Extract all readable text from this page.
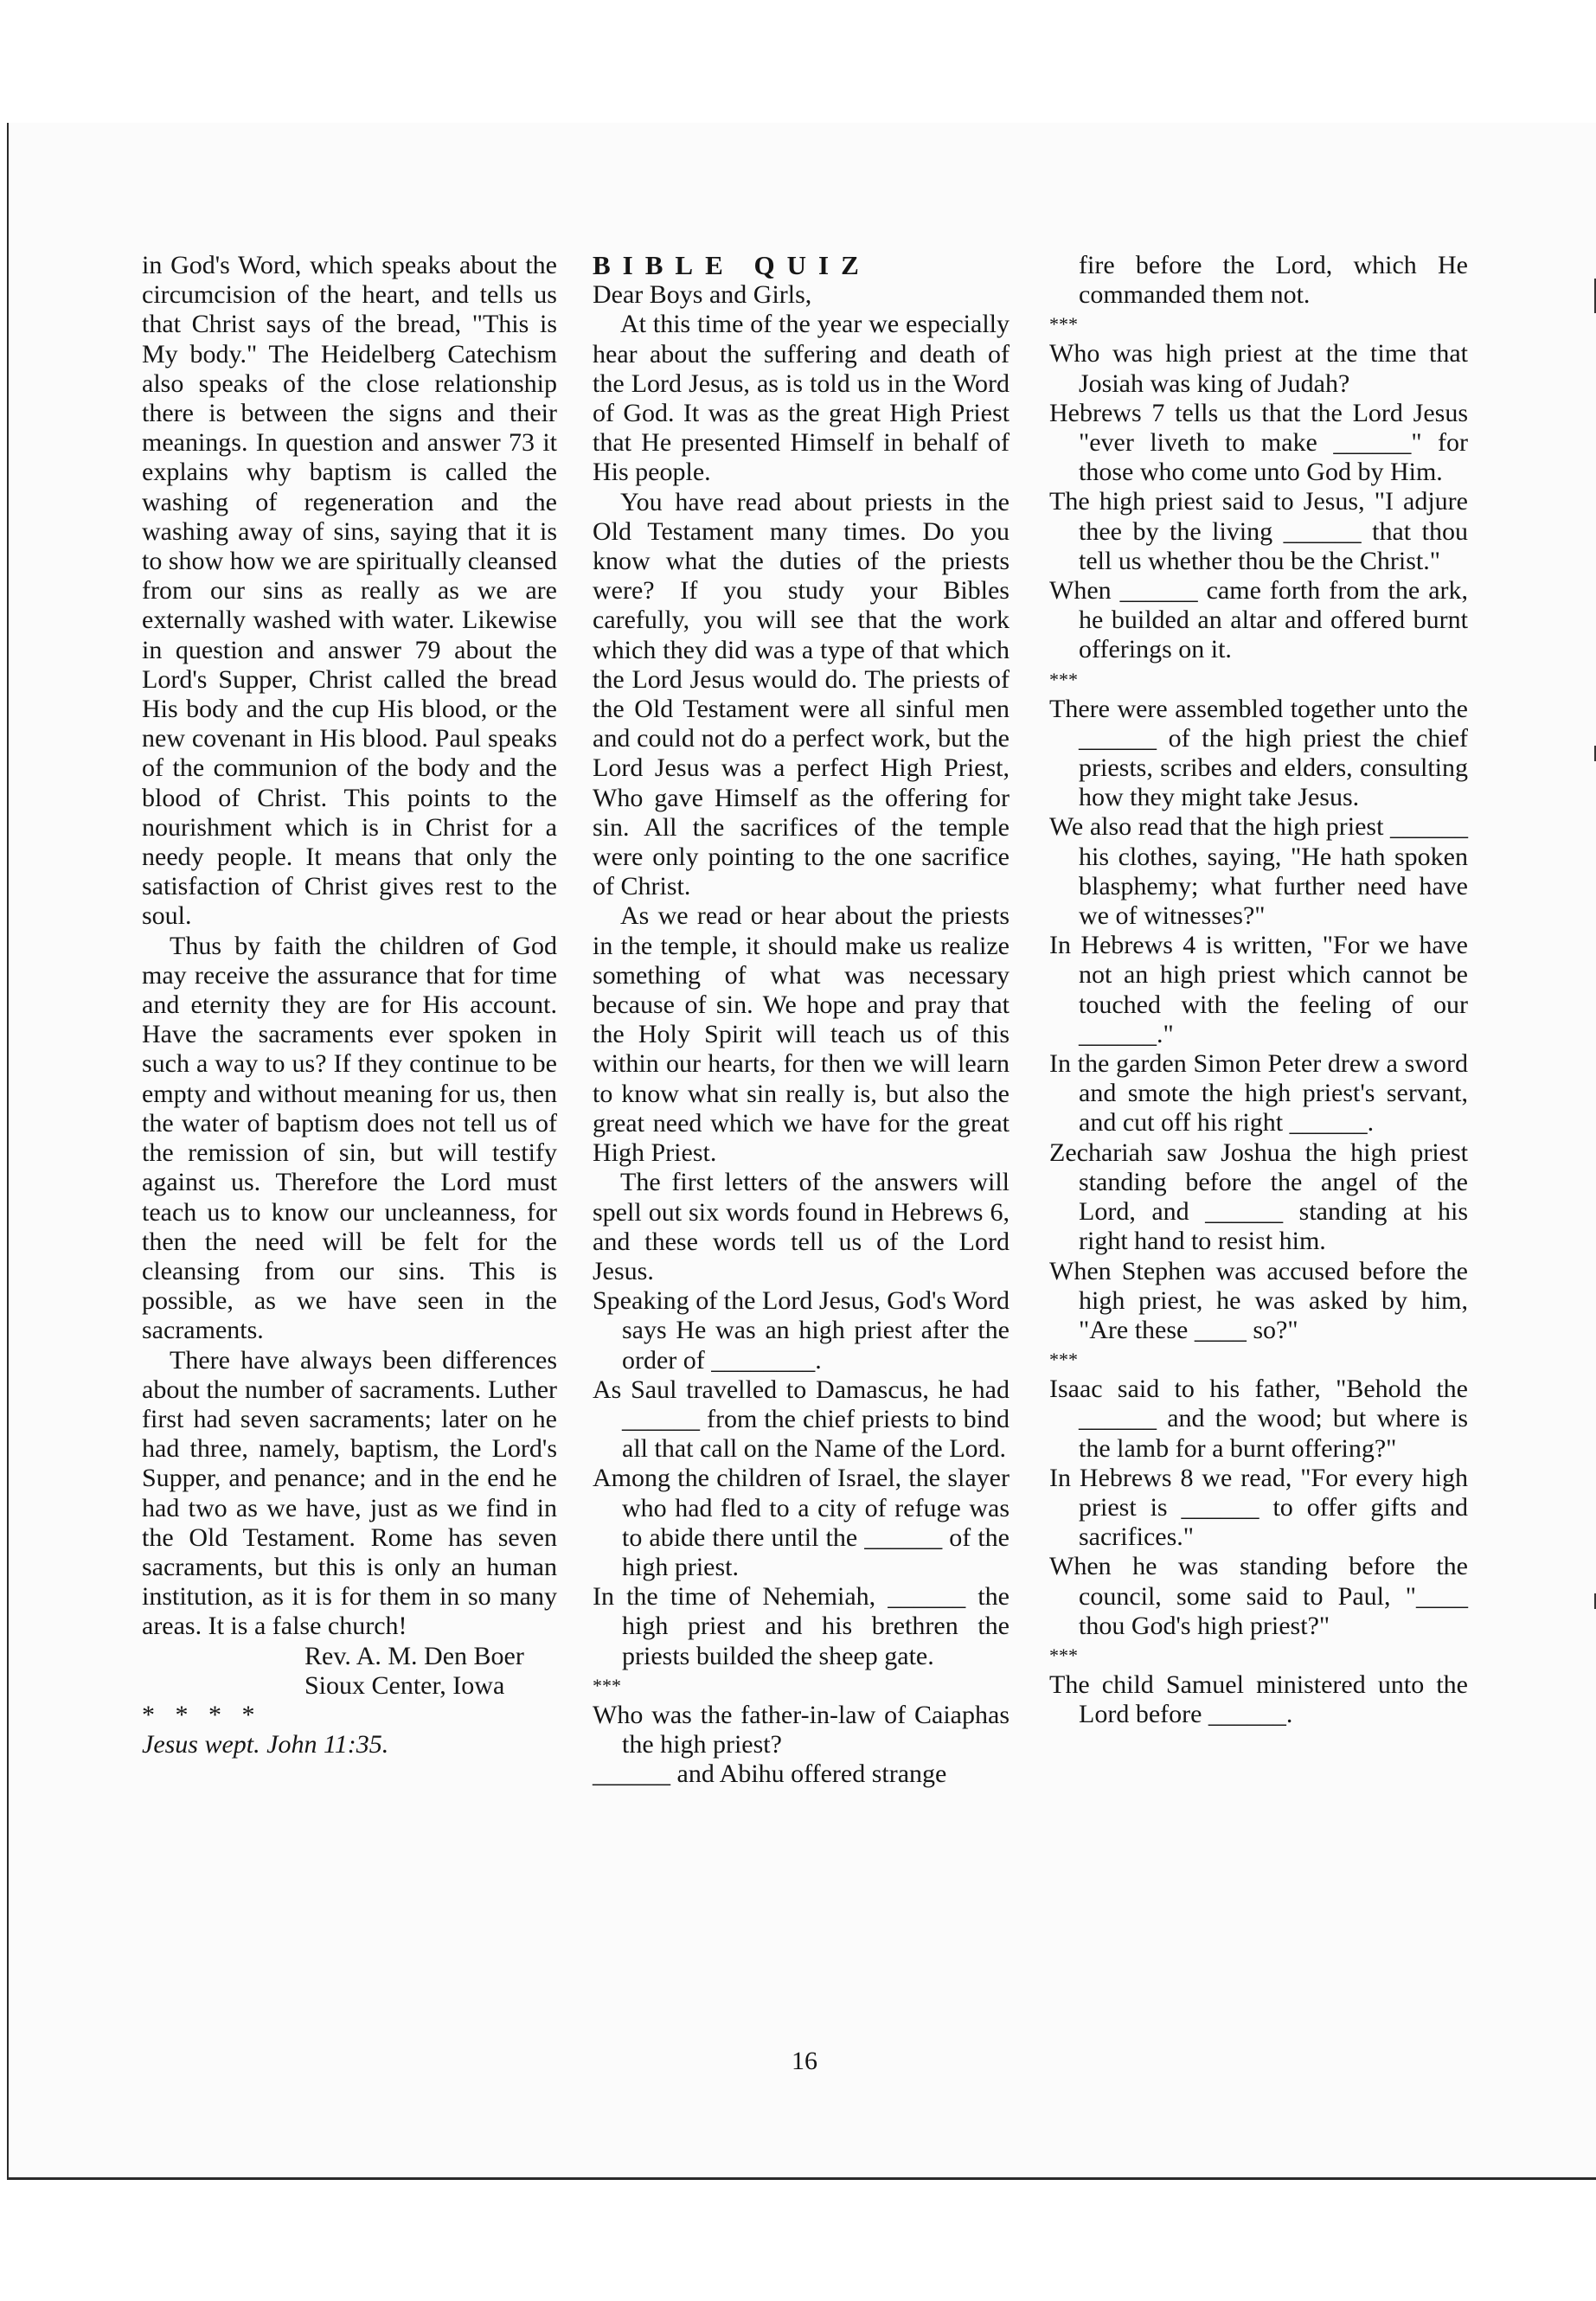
in God's Word, which speaks about the circumcision of the heart, and tells us that Christ says of the bread, "This is My body." The Heidelberg Catechism also speaks of the close relationship there is between the signs and their meanings. In question and answer 73 it explains why baptism is called the washing of regeneration and the washing away of sins, saying that it is to show how we are spiritually cleansed from our sins as really as we are externally washed with water. Likewise in question and answer 79 about the Lord's Supper, Christ called the bread His body and the cup His blood, or the new covenant in His blood. Paul speaks of the communion of the body and the blood of Christ. This points to the nourishment which is in Christ for a needy people. It means that only the satisfaction of Christ gives rest to the soul.

Thus by faith the children of God may receive the assurance that for time and eternity they are for His account. Have the sacraments ever spoken in such a way to us? If they continue to be empty and without meaning for us, then the water of baptism does not tell us of the remission of sin, but will testify against us. Therefore the Lord must teach us to know our uncleanness, for then the need will be felt for the cleansing from our sins. This is possible, as we have seen in the sacraments.

There have always been differences about the number of sacraments. Luther first had seven sacraments; later on he had three, namely, baptism, the Lord's Supper, and penance; and in the end he had two as we have, just as we find in the Old Testament. Rome has seven sacraments, but this is only an human institution, as it is for them in so many areas. It is a false church!

Rev. A. M. Den Boer

Sioux Center, Iowa

* * * *

Jesus wept. John 11:35.

BIBLE QUIZ

Dear Boys and Girls,

At this time of the year we especially hear about the suffering and death of the Lord Jesus, as is told us in the Word of God. It was as the great High Priest that He presented Himself in behalf of His people.

You have read about priests in the Old Testament many times. Do you know what the duties of the priests were? If you study your Bibles carefully, you will see that the work which they did was a type of that which the Lord Jesus would do. The priests of the Old Testament were all sinful men and could not do a perfect work, but the Lord Jesus was a perfect High Priest, Who gave Himself as the offering for sin. All the sacrifices of the temple were only pointing to the one sacrifice of Christ.

As we read or hear about the priests in the temple, it should make us realize something of what was necessary because of sin. We hope and pray that the Holy Spirit will teach us of this within our hearts, for then we will learn to know what sin really is, but also the great need which we have for the great High Priest.

The first letters of the answers will spell out six words found in Hebrews 6, and these words tell us of the Lord Jesus.

Speaking of the Lord Jesus, God's Word says He was an high priest after the order of ________.

As Saul travelled to Damascus, he had ______ from the chief priests to bind all that call on the Name of the Lord.

Among the children of Israel, the slayer who had fled to a city of refuge was to abide there until the ______ of the high priest.

In the time of Nehemiah, ______ the high priest and his brethren the priests builded the sheep gate.

***

Who was the father-in-law of Caiaphas the high priest?

______ and Abihu offered strange

fire before the Lord, which He commanded them not.

***

Who was high priest at the time that Josiah was king of Judah?

Hebrews 7 tells us that the Lord Jesus "ever liveth to make ______" for those who come unto God by Him.

The high priest said to Jesus, "I adjure thee by the living ______ that thou tell us whether thou be the Christ."

When ______ came forth from the ark, he builded an altar and offered burnt offerings on it.

***

There were assembled together unto the ______ of the high priest the chief priests, scribes and elders, consulting how they might take Jesus.

We also read that the high priest ______ his clothes, saying, "He hath spoken blasphemy; what further need have we of witnesses?"

In Hebrews 4 is written, "For we have not an high priest which cannot be touched with the feeling of our ______."

In the garden Simon Peter drew a sword and smote the high priest's servant, and cut off his right ______.

Zechariah saw Joshua the high priest standing before the angel of the Lord, and ______ standing at his right hand to resist him.

When Stephen was accused before the high priest, he was asked by him, "Are these ____ so?"

***

Isaac said to his father, "Behold the ______ and the wood; but where is the lamb for a burnt offering?"

In Hebrews 8 we read, "For every high priest is ______ to offer gifts and sacrifices."

When he was standing before the council, some said to Paul, "____ thou God's high priest?"

***

The child Samuel ministered unto the Lord before ______.

16
